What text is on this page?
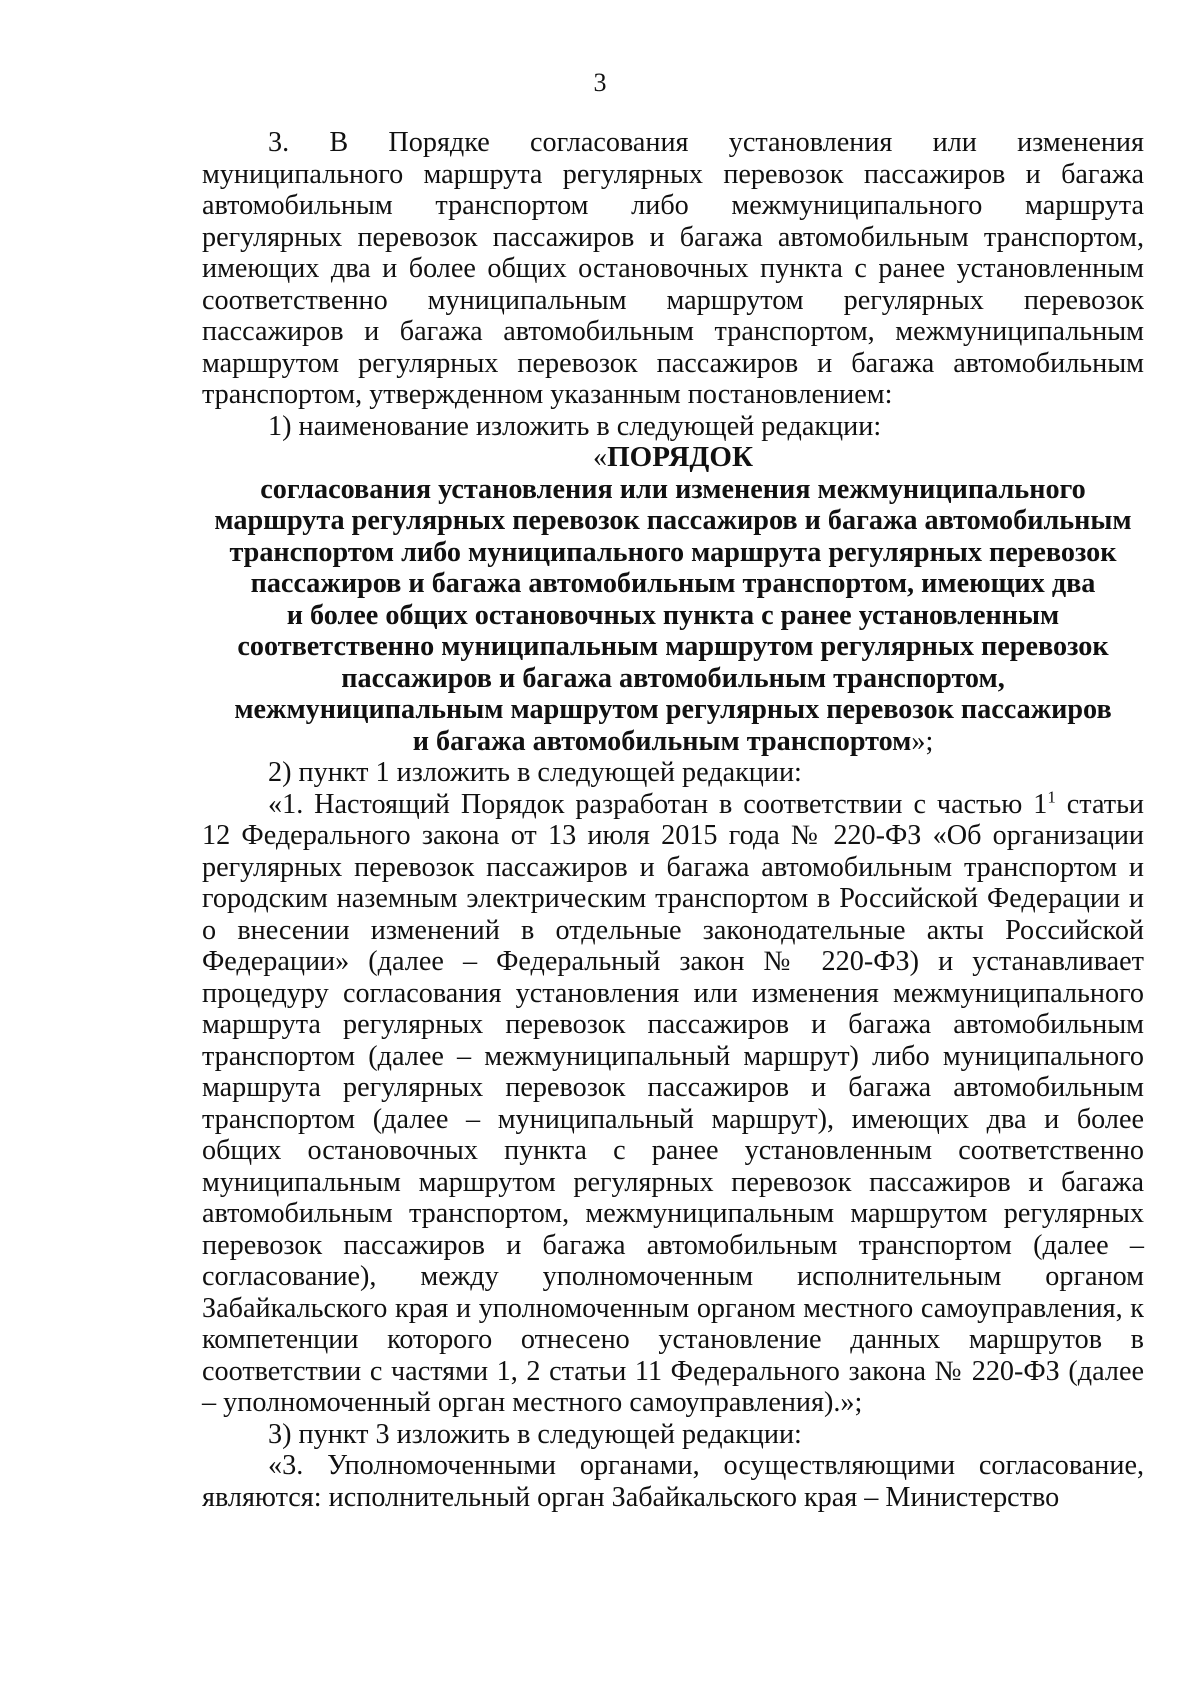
3

3. В Порядке согласования установления или изменения муниципального маршрута регулярных перевозок пассажиров и багажа автомобильным транспортом либо межмуниципального маршрута регулярных перевозок пассажиров и багажа автомобильным транспортом, имеющих два и более общих остановочных пункта с ранее установленным соответственно муниципальным маршрутом регулярных перевозок пассажиров и багажа автомобильным транспортом, межмуниципальным маршрутом регулярных перевозок пассажиров и багажа автомобильным транспортом, утвержденном указанным постановлением:

1) наименование изложить в следующей редакции:

«ПОРЯДОК
согласования установления или изменения межмуниципального
маршрута регулярных перевозок пассажиров и багажа автомобильным
транспортом либо муниципального маршрута регулярных перевозок
пассажиров и багажа автомобильным транспортом, имеющих два
и более общих остановочных пункта с ранее установленным
соответственно муниципальным маршрутом регулярных перевозок
пассажиров и багажа автомобильным транспортом,
межмуниципальным маршрутом регулярных перевозок пассажиров
и багажа автомобильным транспортом»;

2) пункт 1 изложить в следующей редакции:

«1. Настоящий Порядок разработан в соответствии с частью $1^1$ статьи 12 Федерального закона от 13 июля 2015 года № 220-ФЗ «Об организации регулярных перевозок пассажиров и багажа автомобильным транспортом и городским наземным электрическим транспортом в Российской Федерации и о внесении изменений в отдельные законодательные акты Российской Федерации» (далее – Федеральный закон № 220-ФЗ) и устанавливает процедуру согласования установления или изменения межмуниципального маршрута регулярных перевозок пассажиров и багажа автомобильным транспортом (далее – межмуниципальный маршрут) либо муниципального маршрута регулярных перевозок пассажиров и багажа автомобильным транспортом (далее – муниципальный маршрут), имеющих два и более общих остановочных пункта с ранее установленным соответственно муниципальным маршрутом регулярных перевозок пассажиров и багажа автомобильным транспортом, межмуниципальным маршрутом регулярных перевозок пассажиров и багажа автомобильным транспортом (далее – согласование), между уполномоченным исполнительным органом Забайкальского края и уполномоченным органом местного самоуправления, к компетенции которого отнесено установление данных маршрутов в соответствии с частями 1, 2 статьи 11 Федерального закона № 220-ФЗ (далее – уполномоченный орган местного самоуправления).»;

3) пункт 3 изложить в следующей редакции:

«3. Уполномоченными органами, осуществляющими согласование, являются: исполнительный орган Забайкальского края – Министерство
